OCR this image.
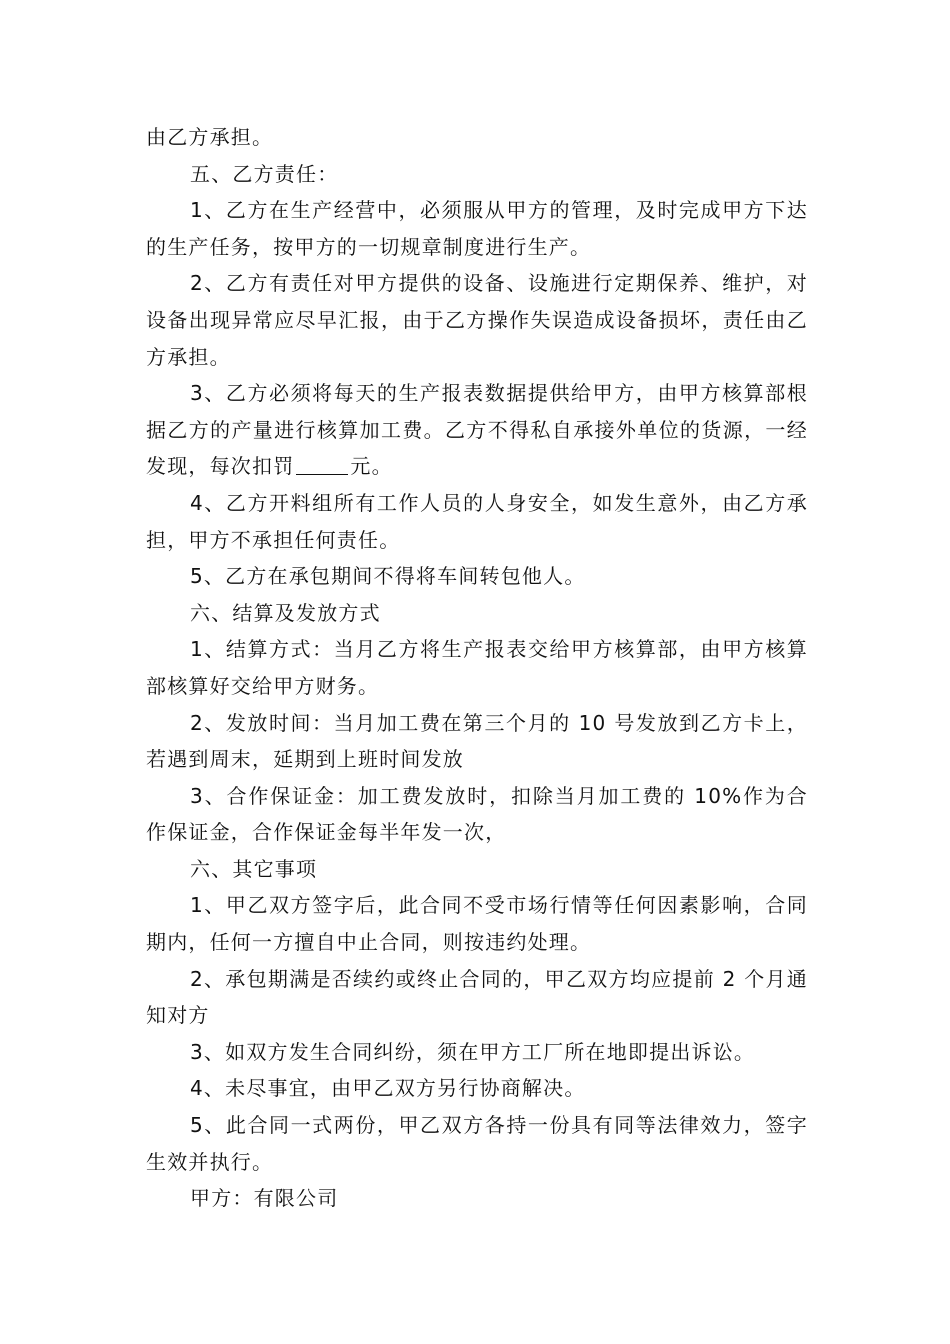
由乙方承担。

五、乙方责任：

1、乙方在生产经营中，必须服从甲方的管理，及时完成甲方下达的生产任务，按甲方的一切规章制度进行生产。

2、乙方有责任对甲方提供的设备、设施进行定期保养、维护，对设备出现异常应尽早汇报，由于乙方操作失误造成设备损坏，责任由乙方承担。

3、乙方必须将每天的生产报表数据提供给甲方，由甲方核算部根据乙方的产量进行核算加工费。乙方不得私自承接外单位的货源，一经发现，每次扣罚	元。

4、乙方开料组所有工作人员的人身安全，如发生意外，由乙方承担，甲方不承担任何责任。

5、乙方在承包期间不得将车间转包他人。

六、结算及发放方式

1、结算方式：当月乙方将生产报表交给甲方核算部，由甲方核算部核算好交给甲方财务。

2、发放时间：当月加工费在第三个月的 10 号发放到乙方卡上，若遇到周末，延期到上班时间发放

3、合作保证金：加工费发放时，扣除当月加工费的 10%作为合作保证金，合作保证金每半年发一次，

六、其它事项

1、甲乙双方签字后，此合同不受市场行情等任何因素影响，合同期内，任何一方擅自中止合同，则按违约处理。

2、承包期满是否续约或终止合同的，甲乙双方均应提前 2 个月通知对方

3、如双方发生合同纠纷，须在甲方工厂所在地即提出诉讼。

4、未尽事宜，由甲乙双方另行协商解决。

5、此合同一式两份，甲乙双方各持一份具有同等法律效力，签字生效并执行。

甲方：有限公司
